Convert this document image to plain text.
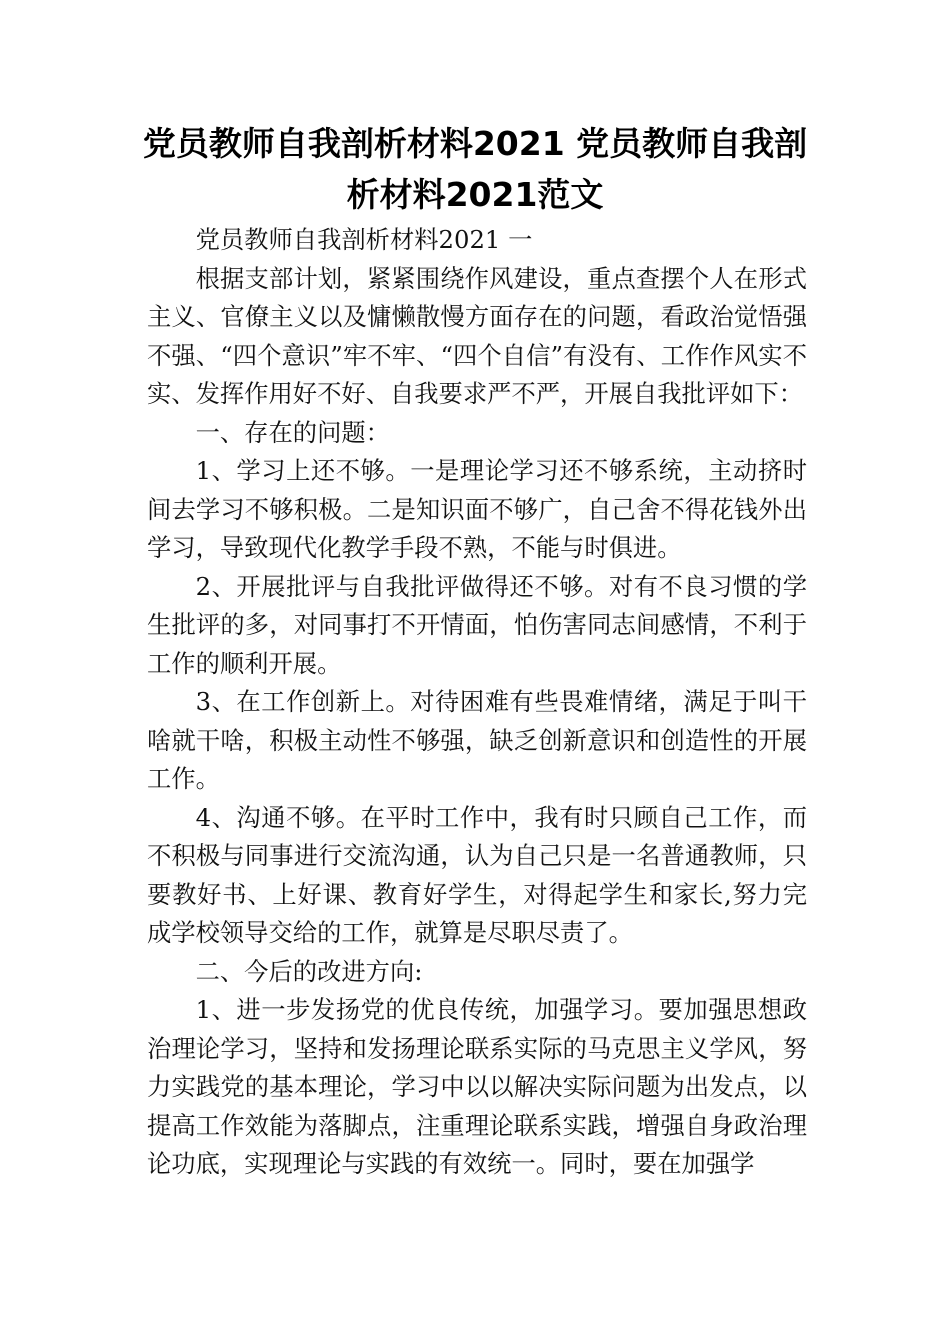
党员教师自我剖析材料2021 党员教师自我剖析材料2021范文

党员教师自我剖析材料2021 一

根据支部计划，紧紧围绕作风建设，重点查摆个人在形式主义、官僚主义以及慵懒散慢方面存在的问题，看政治觉悟强不强、“四个意识”牢不牢、“四个自信”有没有、工作作风实不实、发挥作用好不好、自我要求严不严，开展自我批评如下：

一、存在的问题：

1、学习上还不够。一是理论学习还不够系统，主动挤时间去学习不够积极。二是知识面不够广，自己舍不得花钱外出学习，导致现代化教学手段不熟，不能与时俱进。

2、开展批评与自我批评做得还不够。对有不良习惯的学生批评的多，对同事打不开情面，怕伤害同志间感情，不利于工作的顺利开展。

3、在工作创新上。对待困难有些畏难情绪，满足于叫干啥就干啥，积极主动性不够强，缺乏创新意识和创造性的开展工作。

4、沟通不够。在平时工作中，我有时只顾自己工作，而不积极与同事进行交流沟通，认为自己只是一名普通教师，只要教好书、上好课、教育好学生，对得起学生和家长,努力完成学校领导交给的工作，就算是尽职尽责了。

二、今后的改进方向:

1、进一步发扬党的优良传统，加强学习。要加强思想政治理论学习，坚持和发扬理论联系实际的马克思主义学风，努力实践党的基本理论，学习中以以解决实际问题为出发点，以提高工作效能为落脚点，注重理论联系实践，增强自身政治理论功底，实现理论与实践的有效统一。同时，要在加强学
